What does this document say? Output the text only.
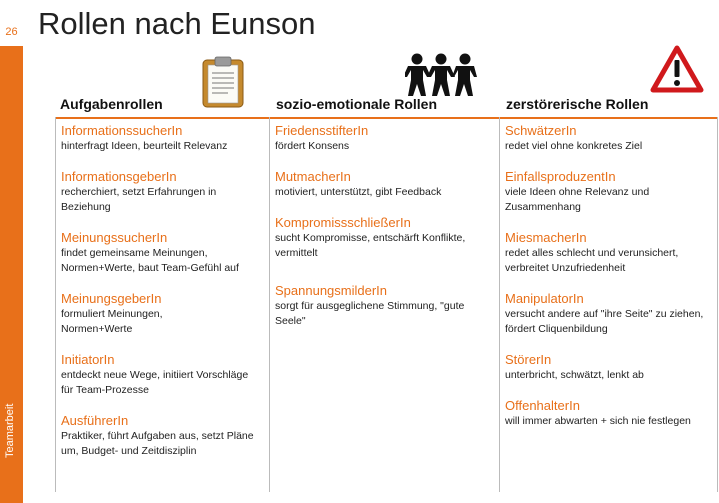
26 Rollen nach Eunson
Aufgabenrollen	sozio-emotionale Rollen	zerstörerische Rollen
InformationssucherIn
hinterfragt Ideen, beurteilt Relevanz
InformationsgeberIn
recherchiert, setzt Erfahrungen in Beziehung
MeinungssucherIn
findet gemeinsame Meinungen, Normen+Werte, baut Team-Gefühl auf
MeinungsgeberIn
formuliert Meinungen, Normen+Werte
InitiatorIn
entdeckt neue Wege, initiiert Vorschläge für Team-Prozesse
AusführerIn
Praktiker, führt Aufgaben aus, setzt Pläne um, Budget- und Zeitdisziplin
FriedensstifterIn
fördert Konsens
MutmacherIn
motiviert, unterstützt, gibt Feedback
KompromissschließerIn
sucht Kompromisse, entschärft Konflikte, vermittelt
SpannungsmilderIn
sorgt für ausgeglichene Stimmung, "gute Seele"
SchwätzerIn
redet viel ohne konkretes Ziel
EinfallsproduzentIn
viele Ideen ohne Relevanz und Zusammenhang
MiesmacherIn
redet alles schlecht und verunsichert, verbreitet Unzufriedenheit
ManipulatorIn
versucht andere auf "ihre Seite" zu ziehen, fördert Cliquenbildung
StörerIn
unterbricht, schwätzt, lenkt ab
OffenhalterIn
will immer abwarten + sich nie festlegen
